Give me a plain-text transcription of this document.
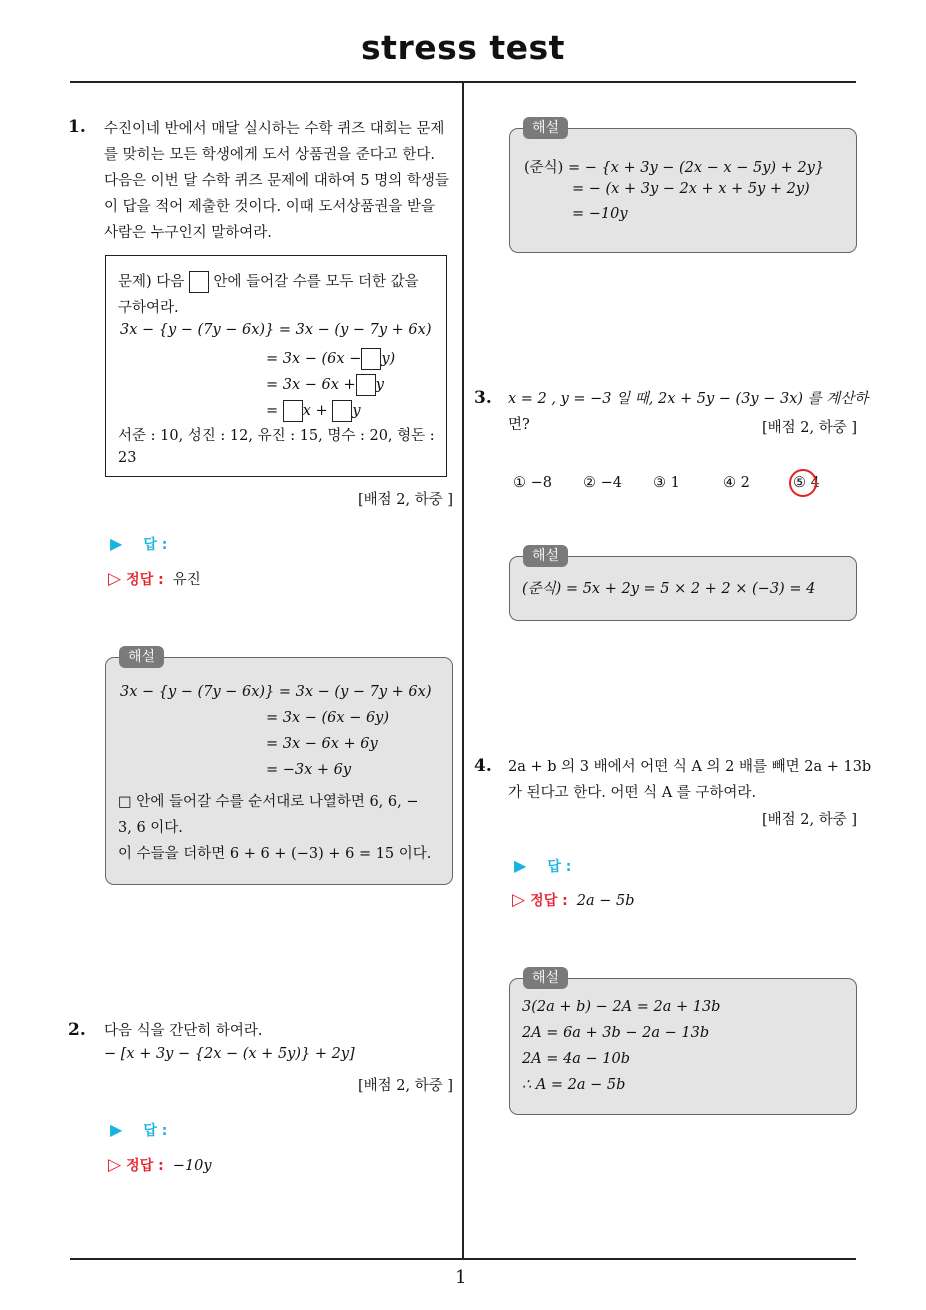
stress test
1
1. 수진이네 반에서 매달 실시하는 수학 퀴즈 대회는 문제
를 맞히는 모든 학생에게 도서 상품권을 준다고 한다.
다음은 이번 달 수학 퀴즈 문제에 대하여 5 명의 학생들
이 답을 적어 제출한 것이다. 이때 도서상품권을 받을
사람은 누구인지 말하여라.
문제) 다음 안에 들어갈 수를 모두 더한 값을
구하여라.
3x − {y − (7y − 6x)} = 3x − (y − 7y + 6x)
= 3x − (6x − y)
= 3x − 6x + y
= x + y
서준 : 10, 성진 : 12, 유진 : 15, 명수 : 20, 형돈 :
23
[배점 2, 하중 ]
▶ 답 :
▷ 정답 : 유진
3x − {y − (7y − 6x)} = 3x − (y − 7y + 6x)
= 3x − (6x − 6y)
= 3x − 6x + 6y
= −3x + 6y
□ 안에 들어갈 수를 순서대로 나열하면 6, 6, −
3, 6 이다.
이 수들을 더하면 6 + 6 + (−3) + 6 = 15 이다.
해설
2. 다음 식을 간단히 하여라.
− [x + 3y − {2x − (x + 5y)} + 2y]
[배점 2, 하중 ]
▶ 답 :
▷ 정답 : −10y
(준식) = − {x + 3y − (2x − x − 5y) + 2y}
= − (x + 3y − 2x + x + 5y + 2y)
= −10y
해설
3. x = 2 , y = −3 일 때, 2x + 5y − (3y − 3x) 를 계산하
면?	[배점 2, 하중 ]
① −8 ② −4 ③ 1	④ 2	⑤ 4
(준식) = 5x + 2y = 5 × 2 + 2 × (−3) = 4
해설
4. 2a + b 의 3 배에서 어떤 식 A 의 2 배를 빼면 2a + 13b
가 된다고 한다. 어떤 식 A 를 구하여라.
[배점 2, 하중 ]
▶ 답 :
▷ 정답 : 2a − 5b
3(2a + b) − 2A = 2a + 13b
2A = 6a + 3b − 2a − 13b
2A = 4a − 10b
∴ A = 2a − 5b
해설
